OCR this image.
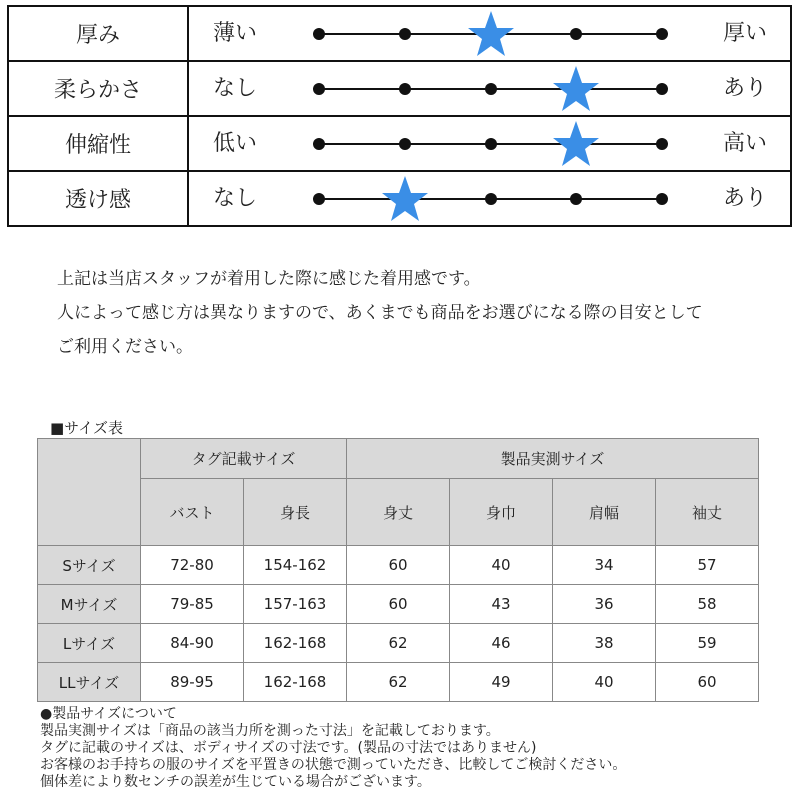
厚み	薄い	厚い
柔らかさ	なし	あり
伸縮性	低い	高い
透け感	なし	あり
上記は当店スタッフが着用した際に感じた着用感です。
人によって感じ方は異なりますので、あくまでも商品をお選びになる際の目安として
ご利用ください。
■サイズ表
	タグ記載サイズ		製品実測サイズ			
	バスト	身長	身丈	身巾	肩幅	袖丈
Sサイズ	72-80	154-162	60	40	34	57
Mサイズ	79-85	157-163	60	43	36	58
Lサイズ	84-90	162-168	62	46	38	59
LLサイズ	89-95	162-168	62	49	40	60
●製品サイズについて
製品実測サイズは「商品の該当力所を測った寸法」を記載しております。
タグに記載のサイズは、ボディサイズの寸法です。(製品の寸法ではありません)
お客様のお手持ちの服のサイズを平置きの状態で測っていただき、比較してご検討ください。
個体差により数センチの誤差が生じている場合がございます。
